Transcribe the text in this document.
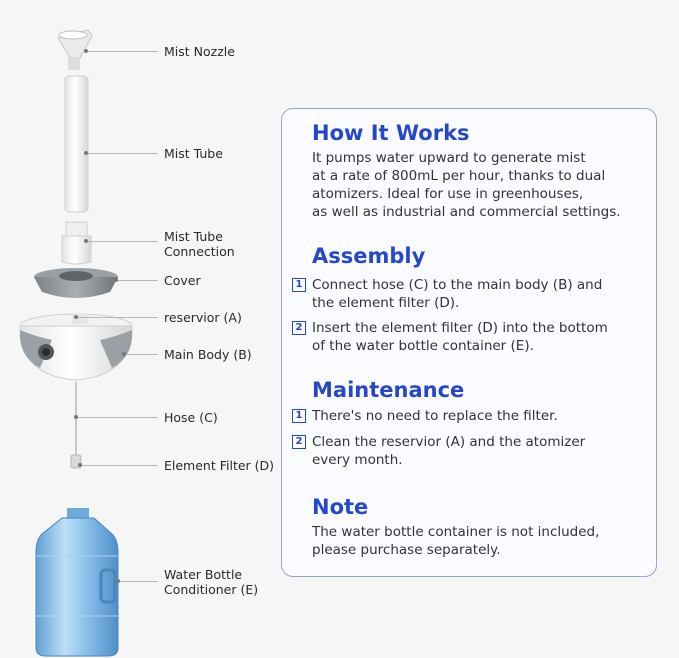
Mist Nozzle
Mist Tube
Mist Tube
Connection
Cover
reservior (A)
Main Body (B)
Hose (C)
Element Filter (D)
Water Bottle
Conditioner (E)
How It Works
It pumps water upward to generate mist
at a rate of 800mL per hour, thanks to dual
atomizers. Ideal for use in greenhouses,
as well as industrial and commercial settings.
Assembly
1 Connect hose (C) to the main body (B) and
the element filter (D).
2 Insert the element filter (D) into the bottom
of the water bottle container (E).
Maintenance
1 There's no need to replace the filter.
2 Clean the reservior (A) and the atomizer
every month.
Note
The water bottle container is not included,
please purchase separately.
